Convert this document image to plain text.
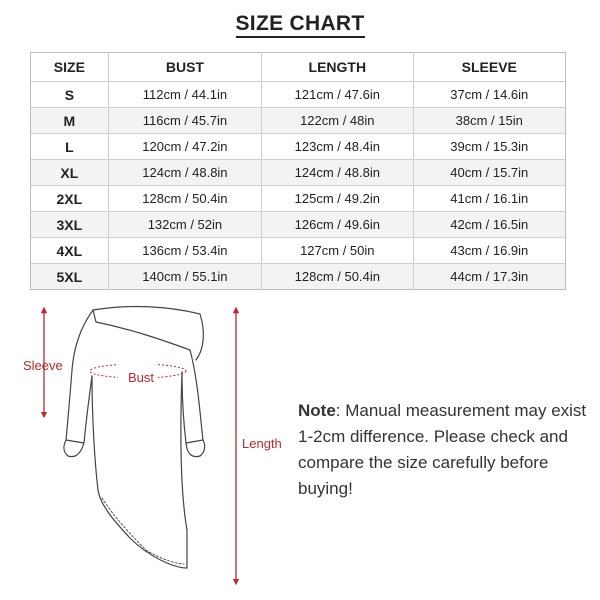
SIZE CHART
SIZE	BUST	LENGTH	SLEEVE
S	112cm / 44.1in	121cm / 47.6in	37cm / 14.6in
M	116cm / 45.7in	122cm / 48in	38cm / 15in
L	120cm / 47.2in	123cm / 48.4in	39cm / 15.3in
XL	124cm / 48.8in	124cm / 48.8in	40cm / 15.7in
2XL	128cm / 50.4in	125cm / 49.2in	41cm / 16.1in
3XL	132cm / 52in	126cm / 49.6in	42cm / 16.5in
4XL	136cm / 53.4in	127cm / 50in	43cm / 16.9in
5XL	140cm / 55.1in	128cm / 50.4in	44cm / 17.3in
Sleeve
Bust
Length
Note: Manual measurement may exist 1-2cm difference. Please check and compare the size carefully before buying!
